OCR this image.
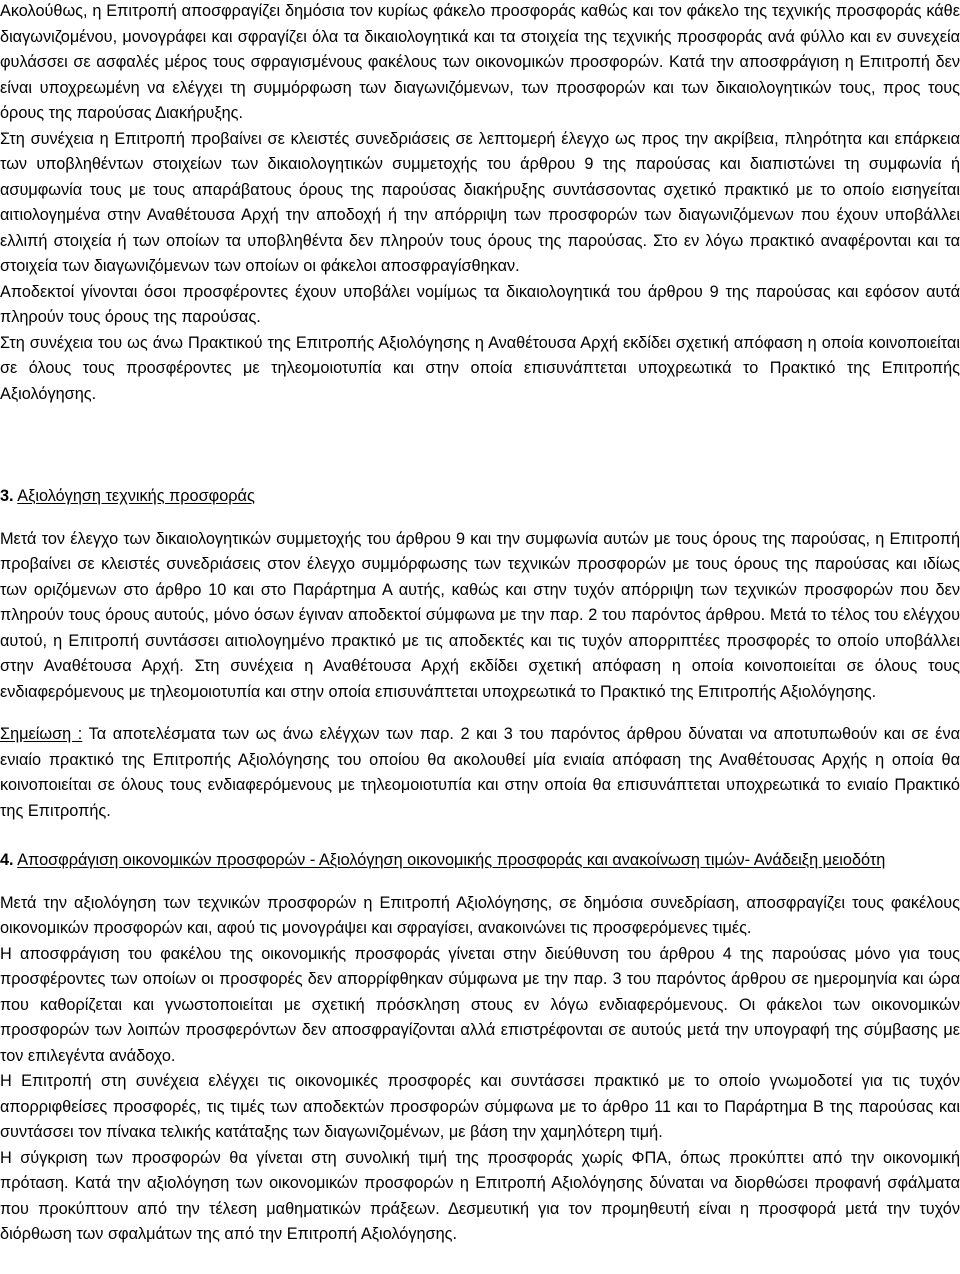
Ακολούθως, η Επιτροπή αποσφραγίζει δημόσια τον κυρίως φάκελο προσφοράς καθώς και τον φάκελο της τεχνικής προσφοράς κάθε διαγωνιζομένου, μονογράφει και σφραγίζει όλα τα δικαιολογητικά και τα στοιχεία της τεχνικής προσφοράς ανά φύλλο και εν συνεχεία φυλάσσει σε ασφαλές μέρος τους σφραγισμένους φακέλους των οικονομικών προσφορών. Κατά την αποσφράγιση η Επιτροπή δεν είναι υποχρεωμένη να ελέγχει τη συμμόρφωση των διαγωνιζόμενων, των προσφορών και των δικαιολογητικών τους, προς τους όρους της παρούσας Διακήρυξης.

Στη συνέχεια η Επιτροπή προβαίνει σε κλειστές συνεδριάσεις σε λεπτομερή έλεγχο ως προς την ακρίβεια, πληρότητα και επάρκεια των υποβληθέντων στοιχείων των δικαιολογητικών συμμετοχής του άρθρου 9 της παρούσας και διαπιστώνει τη συμφωνία ή ασυμφωνία τους με τους απαράβατους όρους της παρούσας διακήρυξης συντάσσοντας σχετικό πρακτικό με το οποίο εισηγείται αιτιολογημένα στην Αναθέτουσα Αρχή την αποδοχή ή την απόρριψη των προσφορών των διαγωνιζόμενων που έχουν υποβάλλει ελλιπή στοιχεία ή των οποίων τα υποβληθέντα δεν πληρούν τους όρους της παρούσας. Στο εν λόγω πρακτικό αναφέρονται και τα στοιχεία των διαγωνιζόμενων των οποίων οι φάκελοι αποσφραγίσθηκαν.

Αποδεκτοί γίνονται όσοι προσφέροντες έχουν υποβάλει νομίμως τα δικαιολογητικά του άρθρου 9 της παρούσας και εφόσον αυτά πληρούν τους όρους της παρούσας.

Στη συνέχεια του ως άνω Πρακτικού της Επιτροπής Αξιολόγησης η Αναθέτουσα Αρχή εκδίδει σχετική απόφαση η οποία κοινοποιείται σε όλους τους προσφέροντες με τηλεομοιοτυπία και στην οποία επισυνάπτεται υποχρεωτικά το Πρακτικό της Επιτροπής Αξιολόγησης.

3. Αξιολόγηση τεχνικής προσφοράς

Μετά τον έλεγχο των δικαιολογητικών συμμετοχής του άρθρου 9 και την συμφωνία αυτών με τους όρους της παρούσας, η Επιτροπή προβαίνει σε κλειστές συνεδριάσεις στον έλεγχο συμμόρφωσης των τεχνικών προσφορών με τους όρους της παρούσας και ιδίως των οριζόμενων στο άρθρο 10 και στο Παράρτημα Α αυτής, καθώς και στην τυχόν απόρριψη των τεχνικών προσφορών που δεν πληρούν τους όρους αυτούς, μόνο όσων έγιναν αποδεκτοί σύμφωνα με την παρ. 2 του παρόντος άρθρου. Μετά το τέλος του ελέγχου αυτού, η Επιτροπή συντάσσει αιτιολογημένο πρακτικό με τις αποδεκτές και τις τυχόν απορριπτέες προσφορές το οποίο υποβάλλει στην Αναθέτουσα Αρχή. Στη συνέχεια η Αναθέτουσα Αρχή εκδίδει σχετική απόφαση η οποία κοινοποιείται σε όλους τους ενδιαφερόμενους με τηλεομοιοτυπία και στην οποία επισυνάπτεται υποχρεωτικά το Πρακτικό της Επιτροπής Αξιολόγησης.

Σημείωση : Τα αποτελέσματα των ως άνω ελέγχων των παρ. 2 και 3 του παρόντος άρθρου δύναται να αποτυπωθούν και σε ένα ενιαίο πρακτικό της Επιτροπής Αξιολόγησης του οποίου θα ακολουθεί μία ενιαία απόφαση της Αναθέτουσας Αρχής η οποία θα κοινοποιείται σε όλους τους ενδιαφερόμενους με τηλεομοιοτυπία και στην οποία θα επισυνάπτεται υποχρεωτικά το ενιαίο Πρακτικό της Επιτροπής.

4. Αποσφράγιση οικονομικών προσφορών - Αξιολόγηση οικονομικής προσφοράς και ανακοίνωση τιμών- Ανάδειξη μειοδότη

Μετά την αξιολόγηση των τεχνικών προσφορών η Επιτροπή Αξιολόγησης, σε δημόσια συνεδρίαση, αποσφραγίζει τους φακέλους οικονομικών προσφορών και, αφού τις μονογράψει και σφραγίσει, ανακοινώνει τις προσφερόμενες τιμές.

Η αποσφράγιση του φακέλου της οικονομικής προσφοράς γίνεται στην διεύθυνση του άρθρου 4 της παρούσας μόνο για τους προσφέροντες των οποίων οι προσφορές δεν απορρίφθηκαν σύμφωνα με την παρ. 3 του παρόντος άρθρου σε ημερομηνία και ώρα που καθορίζεται και γνωστοποιείται με σχετική πρόσκληση στους εν λόγω ενδιαφερόμενους. Οι φάκελοι των οικονομικών προσφορών των λοιπών προσφερόντων δεν αποσφραγίζονται αλλά επιστρέφονται σε αυτούς μετά την υπογραφή της σύμβασης με τον επιλεγέντα ανάδοχο.

Η Επιτροπή στη συνέχεια ελέγχει τις οικονομικές προσφορές και συντάσσει πρακτικό με το οποίο γνωμοδοτεί για τις τυχόν απορριφθείσες προσφορές, τις τιμές των αποδεκτών προσφορών σύμφωνα με το άρθρο 11 και το Παράρτημα Β της παρούσας και συντάσσει τον πίνακα τελικής κατάταξης των διαγωνιζομένων, με βάση την χαμηλότερη τιμή.

Η σύγκριση των προσφορών θα γίνεται στη συνολική τιμή της προσφοράς χωρίς ΦΠΑ, όπως προκύπτει από την οικονομική πρόταση. Κατά την αξιολόγηση των οικονομικών προσφορών η Επιτροπή Αξιολόγησης δύναται να διορθώσει προφανή σφάλματα που προκύπτουν από την τέλεση μαθηματικών πράξεων. Δεσμευτική για τον προμηθευτή είναι η προσφορά μετά την τυχόν διόρθωση των σφαλμάτων της από την Επιτροπή Αξιολόγησης.
